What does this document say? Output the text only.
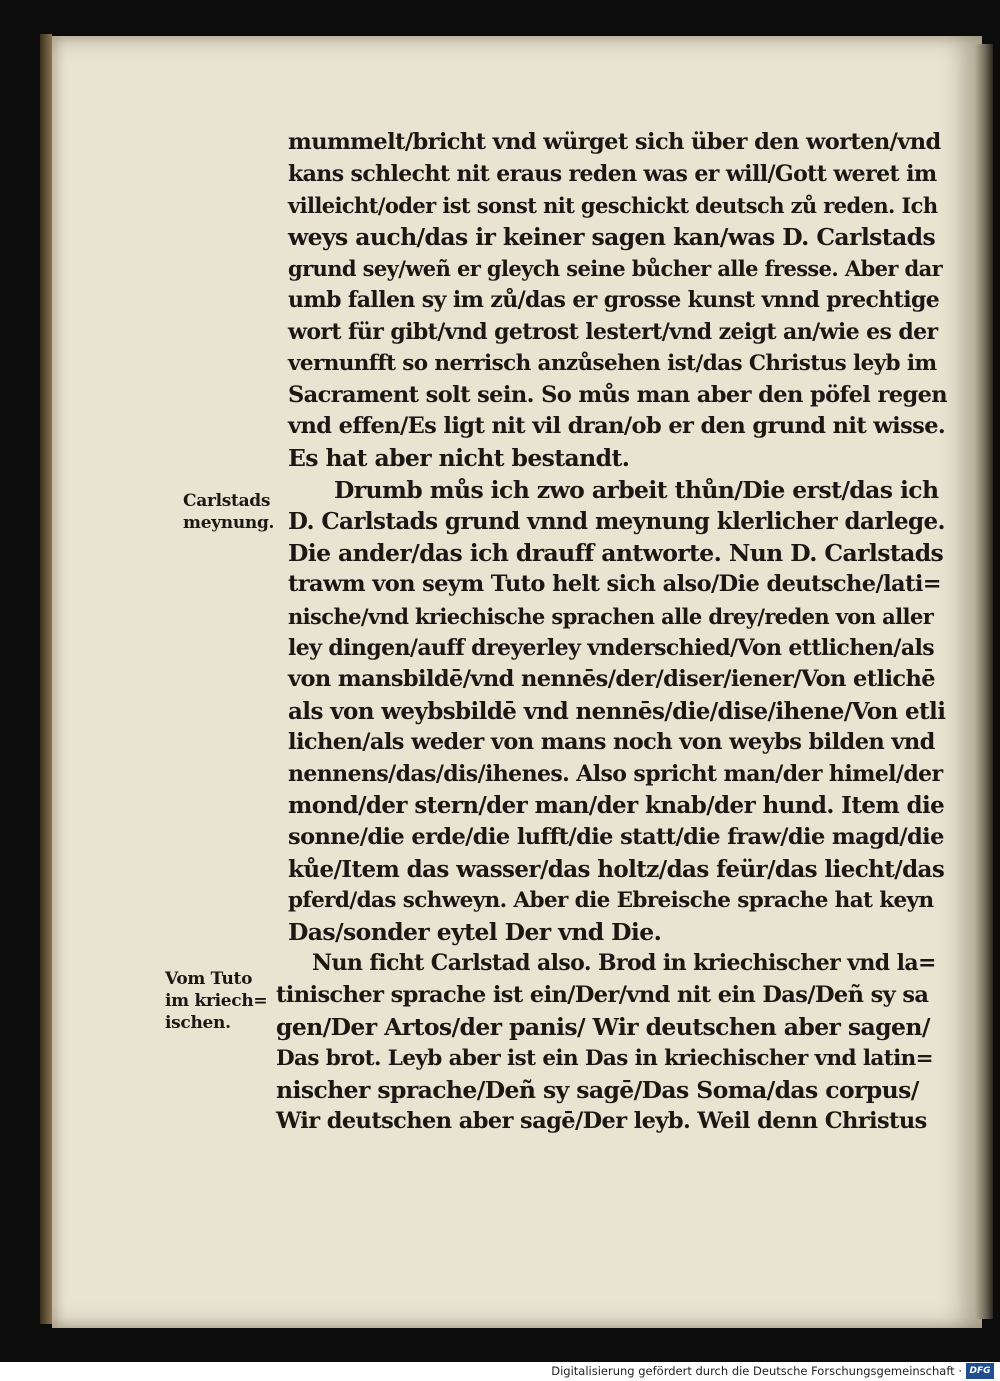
mummelt/bricht vnd würget sich über den worten/vnd
kans schlecht nit eraus reden was er will/Gott weret im
villeicht/oder ist sonst nit geschickt deutsch zů reden. Ich
weys auch/das ir keiner sagen kan/was D. Carlstads
grund sey/weñ er gleych seine bůcher alle fresse. Aber dar
umb fallen sy im zů/das er grosse kunst vnnd prechtige
wort für gibt/vnd getrost lestert/vnd zeigt an/wie es der
vernunfft so nerrisch anzůsehen ist/das Christus leyb im
Sacrament solt sein. So můs man aber den pöfel regen
vnd effen/Es ligt nit vil dran/ob er den grund nit wisse.
Es hat aber nicht bestandt.
Drumb můs ich zwo arbeit thůn/Die erst/das ich
D. Carlstads grund vnnd meynung klerlicher darlege.
Die ander/das ich drauff antworte. Nun D. Carlstads
trawm von seym Tuto helt sich also/Die deutsche/lati=
nische/vnd kriechische sprachen alle drey/reden von aller
ley dingen/auff dreyerley vnderschied/Von ettlichen/als
von mansbildē/vnd nennēs/der/diser/iener/Von etlichē
als von weybsbildē vnd nennēs/die/dise/ihene/Von etli
lichen/als weder von mans noch von weybs bilden vnd
nennens/das/dis/ihenes. Also spricht man/der himel/der
mond/der stern/der man/der knab/der hund. Item die
sonne/die erde/die lufft/die statt/die fraw/die magd/die
kůe/Item das wasser/das holtz/das feür/das liecht/das
pferd/das schweyn. Aber die Ebreische sprache hat keyn
Das/sonder eytel Der vnd Die.
Nun ficht Carlstad also. Brod in kriechischer vnd la=
tinischer sprache ist ein/Der/vnd nit ein Das/Deñ sy sa
gen/Der Artos/der panis/ Wir deutschen aber sagen/
Das brot. Leyb aber ist ein Das in kriechischer vnd latin=
nischer sprache/Deñ sy sagē/Das Soma/das corpus/
Wir deutschen aber sagē/Der leyb. Weil denn Christus
Carlstads
meynung.
Vom Tuto
im kriech=
ischen.
Digitalisierung gefördert durch die Deutsche Forschungsgemeinschaft · DFG
